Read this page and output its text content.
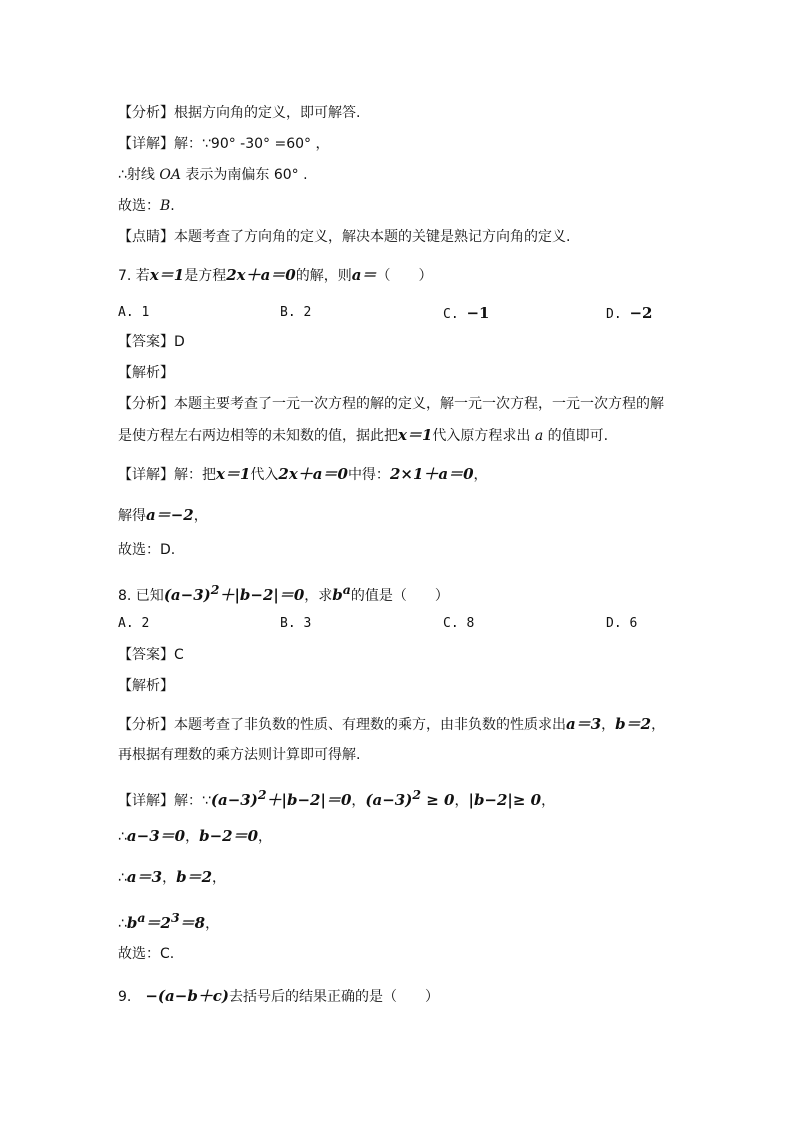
【分析】根据方向角的定义，即可解答.
【详解】解：∵90° -30° =60° ，
∴射线 OA 表示为南偏东 60° .
故选：B.
【点睛】本题考查了方向角的定义，解决本题的关键是熟记方向角的定义.
7. 若x＝1是方程2x＋a＝0的解，则a＝（　　）
A. 1	B. 2	C. −1	D. −2
【答案】D
【解析】
【分析】本题主要考查了一元一次方程的解的定义，解一元一次方程，一元一次方程的解
是使方程左右两边相等的未知数的值，据此把x＝1代入原方程求出 a 的值即可.
【详解】解：把x＝1代入2x＋a＝0中得：2×1＋a＝0，
解得a＝−2，
故选：D.
8. 已知$(a-3)^2+|b-2|=0$，求$b^a$的值是（　　）
A. 2	B. 3	C. 8	D. 6
【答案】C
【解析】
【分析】本题考查了非负数的性质、有理数的乘方，由非负数的性质求出a＝3，b＝2，
再根据有理数的乘方法则计算即可得解.
【详解】解：$\because(a-3)^2+|b-2|=0$，$(a-3)^2 \ge 0$，|b−2|≥ 0，
∴a−3＝0，b−2＝0，
∴a＝3，b＝2，
$\therefore b^a=2^3=8$，
故选：C.
9. −(a−b＋c)去括号后的结果正确的是（　　）
